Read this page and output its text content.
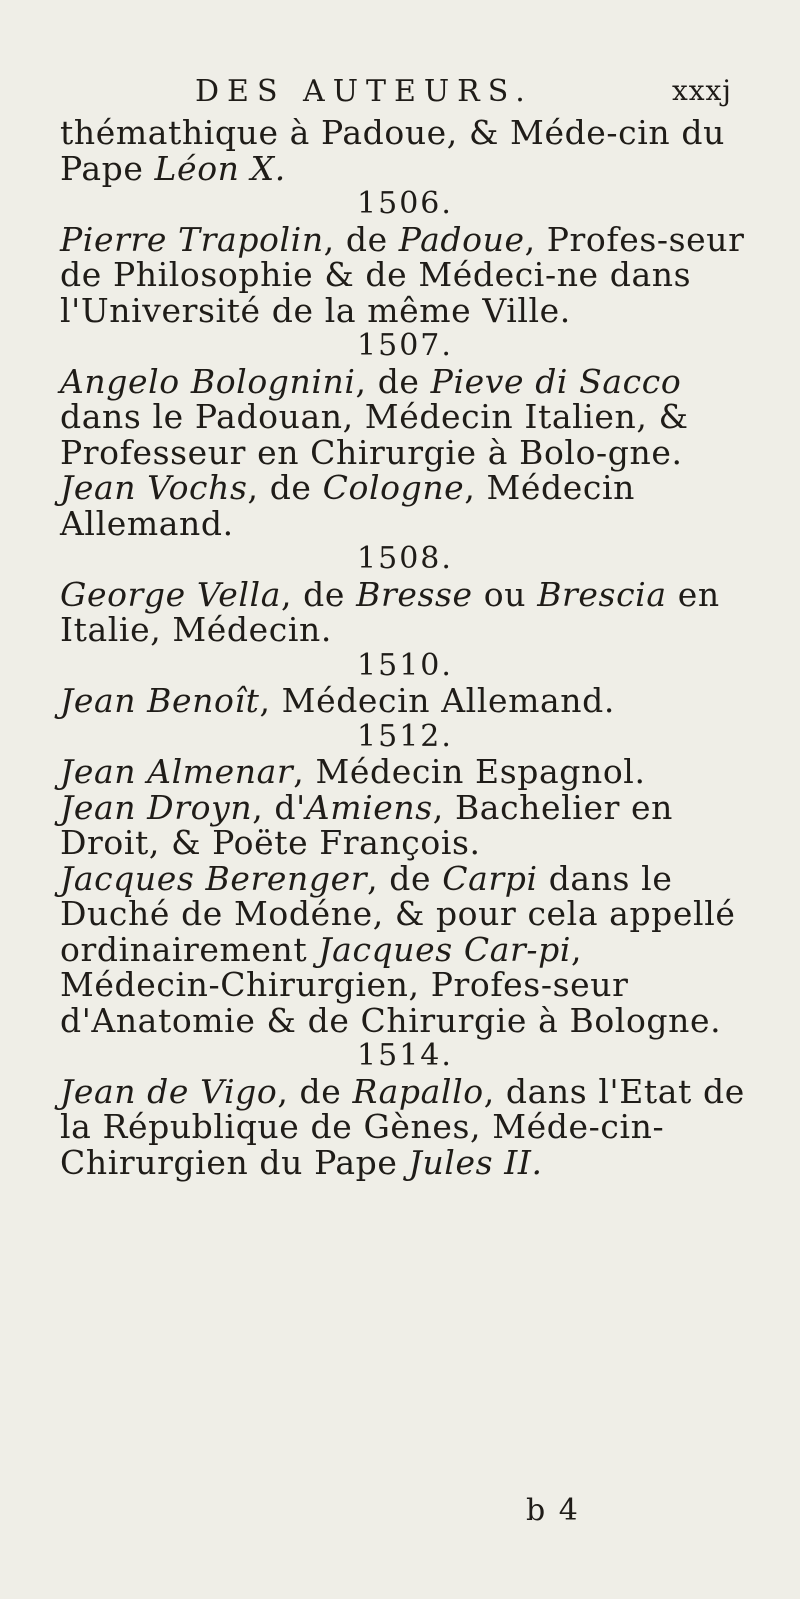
DES AUTEURS.	xxxj

thémathique à Padoue, & Méde-cin du Pape Léon X.

1506.

Pierre Trapolin, de Padoue, Profes-seur de Philosophie & de Médeci-ne dans l'Université de la même Ville.

1507.

Angelo Bolognini, de Pieve di Sacco dans le Padouan, Médecin Italien, & Professeur en Chirurgie à Bolo-gne.

Jean Vochs, de Cologne, Médecin Allemand.

1508.

George Vella, de Bresse ou Brescia en Italie, Médecin.

1510.

Jean Benoît, Médecin Allemand.

1512.

Jean Almenar, Médecin Espagnol.

Jean Droyn, d'Amiens, Bachelier en Droit, & Poëte François.

Jacques Berenger, de Carpi dans le Duché de Modéne, & pour cela appellé ordinairement Jacques Car-pi, Médecin-Chirurgien, Profes-seur d'Anatomie & de Chirurgie à Bologne.

1514.

Jean de Vigo, de Rapallo, dans l'Etat de la République de Gènes, Méde-cin-Chirurgien du Pape Jules II.

b 4
